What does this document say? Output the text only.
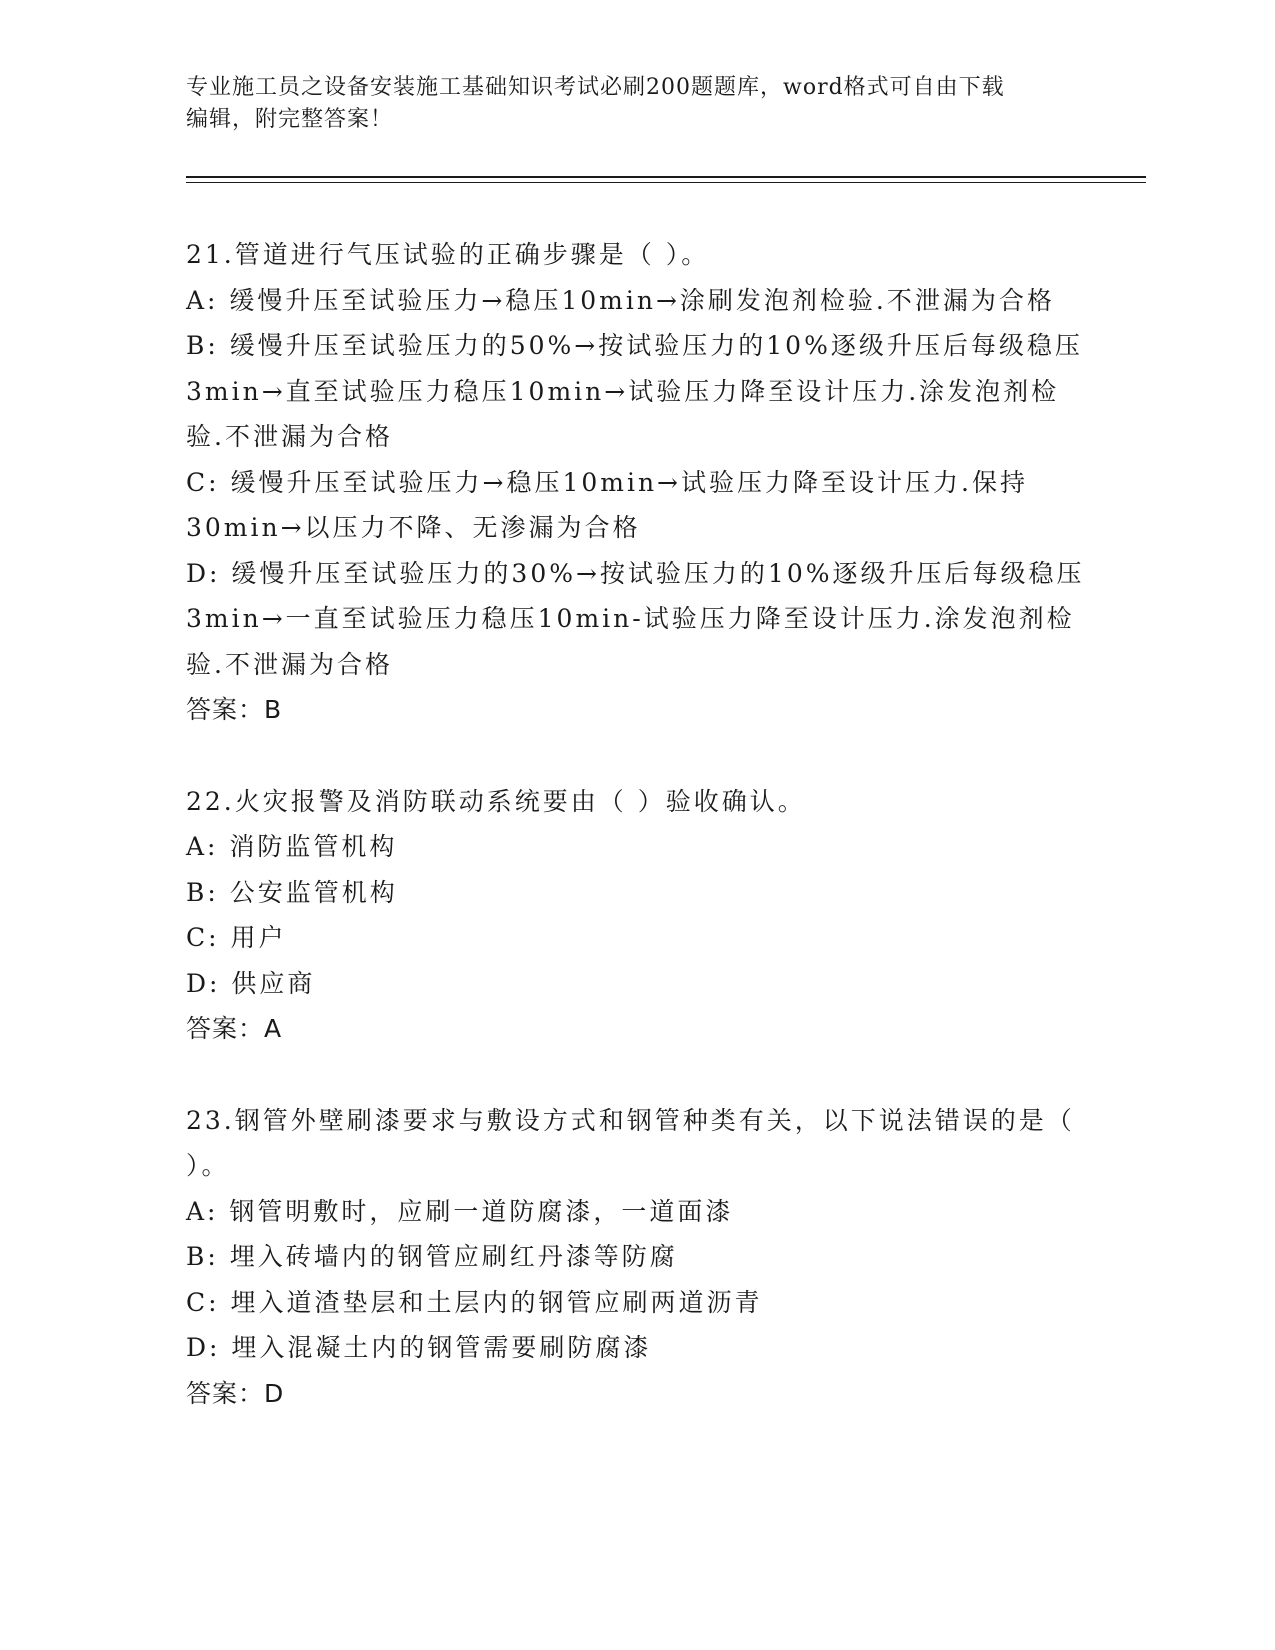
专业施工员之设备安装施工基础知识考试必刷200题题库，word格式可自由下载
编辑，附完整答案！
21.管道进行气压试验的正确步骤是（ ）。
A: 缓慢升压至试验压力→稳压10min→涂刷发泡剂检验.不泄漏为合格
B: 缓慢升压至试验压力的50%→按试验压力的10%逐级升压后每级稳压3min→直至试验压力稳压10min→试验压力降至设计压力.涂发泡剂检验.不泄漏为合格
C: 缓慢升压至试验压力→稳压10min→试验压力降至设计压力.保持30min→以压力不降、无渗漏为合格
D: 缓慢升压至试验压力的30%→按试验压力的10%逐级升压后每级稳压3min→一直至试验压力稳压10min-试验压力降至设计压力.涂发泡剂检验.不泄漏为合格
答案：B
22.火灾报警及消防联动系统要由（ ）验收确认。
A: 消防监管机构
B: 公安监管机构
C: 用户
D: 供应商
答案：A
23.钢管外壁刷漆要求与敷设方式和钢管种类有关，以下说法错误的是（ ）。
A: 钢管明敷时，应刷一道防腐漆，一道面漆
B: 埋入砖墙内的钢管应刷红丹漆等防腐
C: 埋入道渣垫层和土层内的钢管应刷两道沥青
D: 埋入混凝土内的钢管需要刷防腐漆
答案：D
